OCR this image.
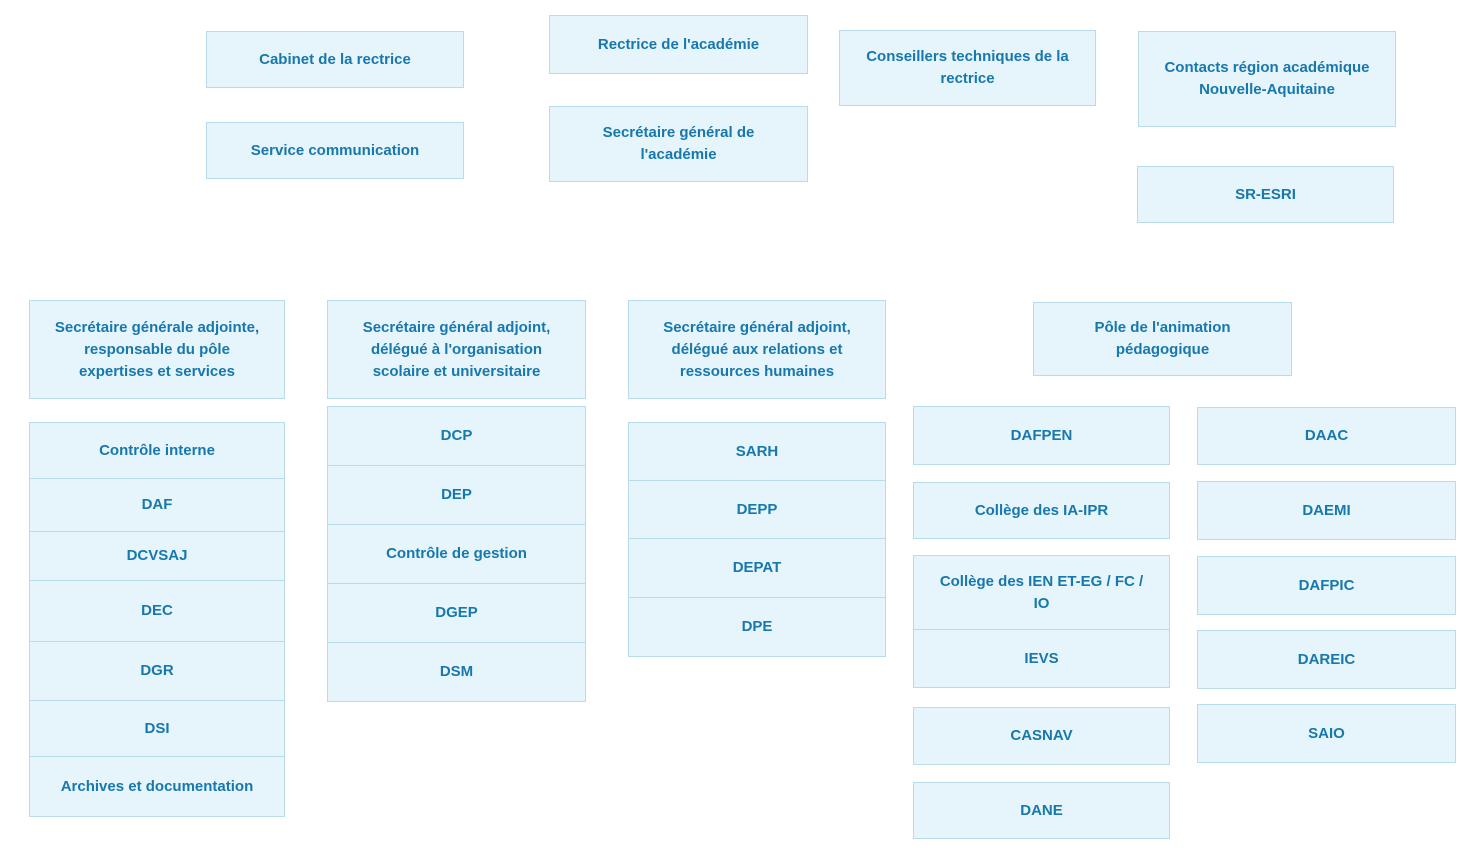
Cabinet de la rectrice
Rectrice de l'académie
Conseillers techniques de la rectrice
Contacts région académique Nouvelle-Aquitaine
Service communication
Secrétaire général de l'académie
SR-ESRI
Secrétaire générale adjointe, responsable du pôle expertises et services
Secrétaire général adjoint, délégué à l'organisation scolaire et universitaire
Secrétaire général adjoint, délégué aux relations et ressources humaines
Pôle de l'animation pédagogique
Contrôle interne
DAF
DCVSAJ
DEC
DGR
DSI
Archives et documentation
DCP
DEP
Contrôle de gestion
DGEP
DSM
SARH
DEPP
DEPAT
DPE
DAFPEN
Collège des IA-IPR
Collège des IEN ET-EG / FC / IO
IEVS
CASNAV
DANE
DAAC
DAEMI
DAFPIC
DAREIC
SAIO
